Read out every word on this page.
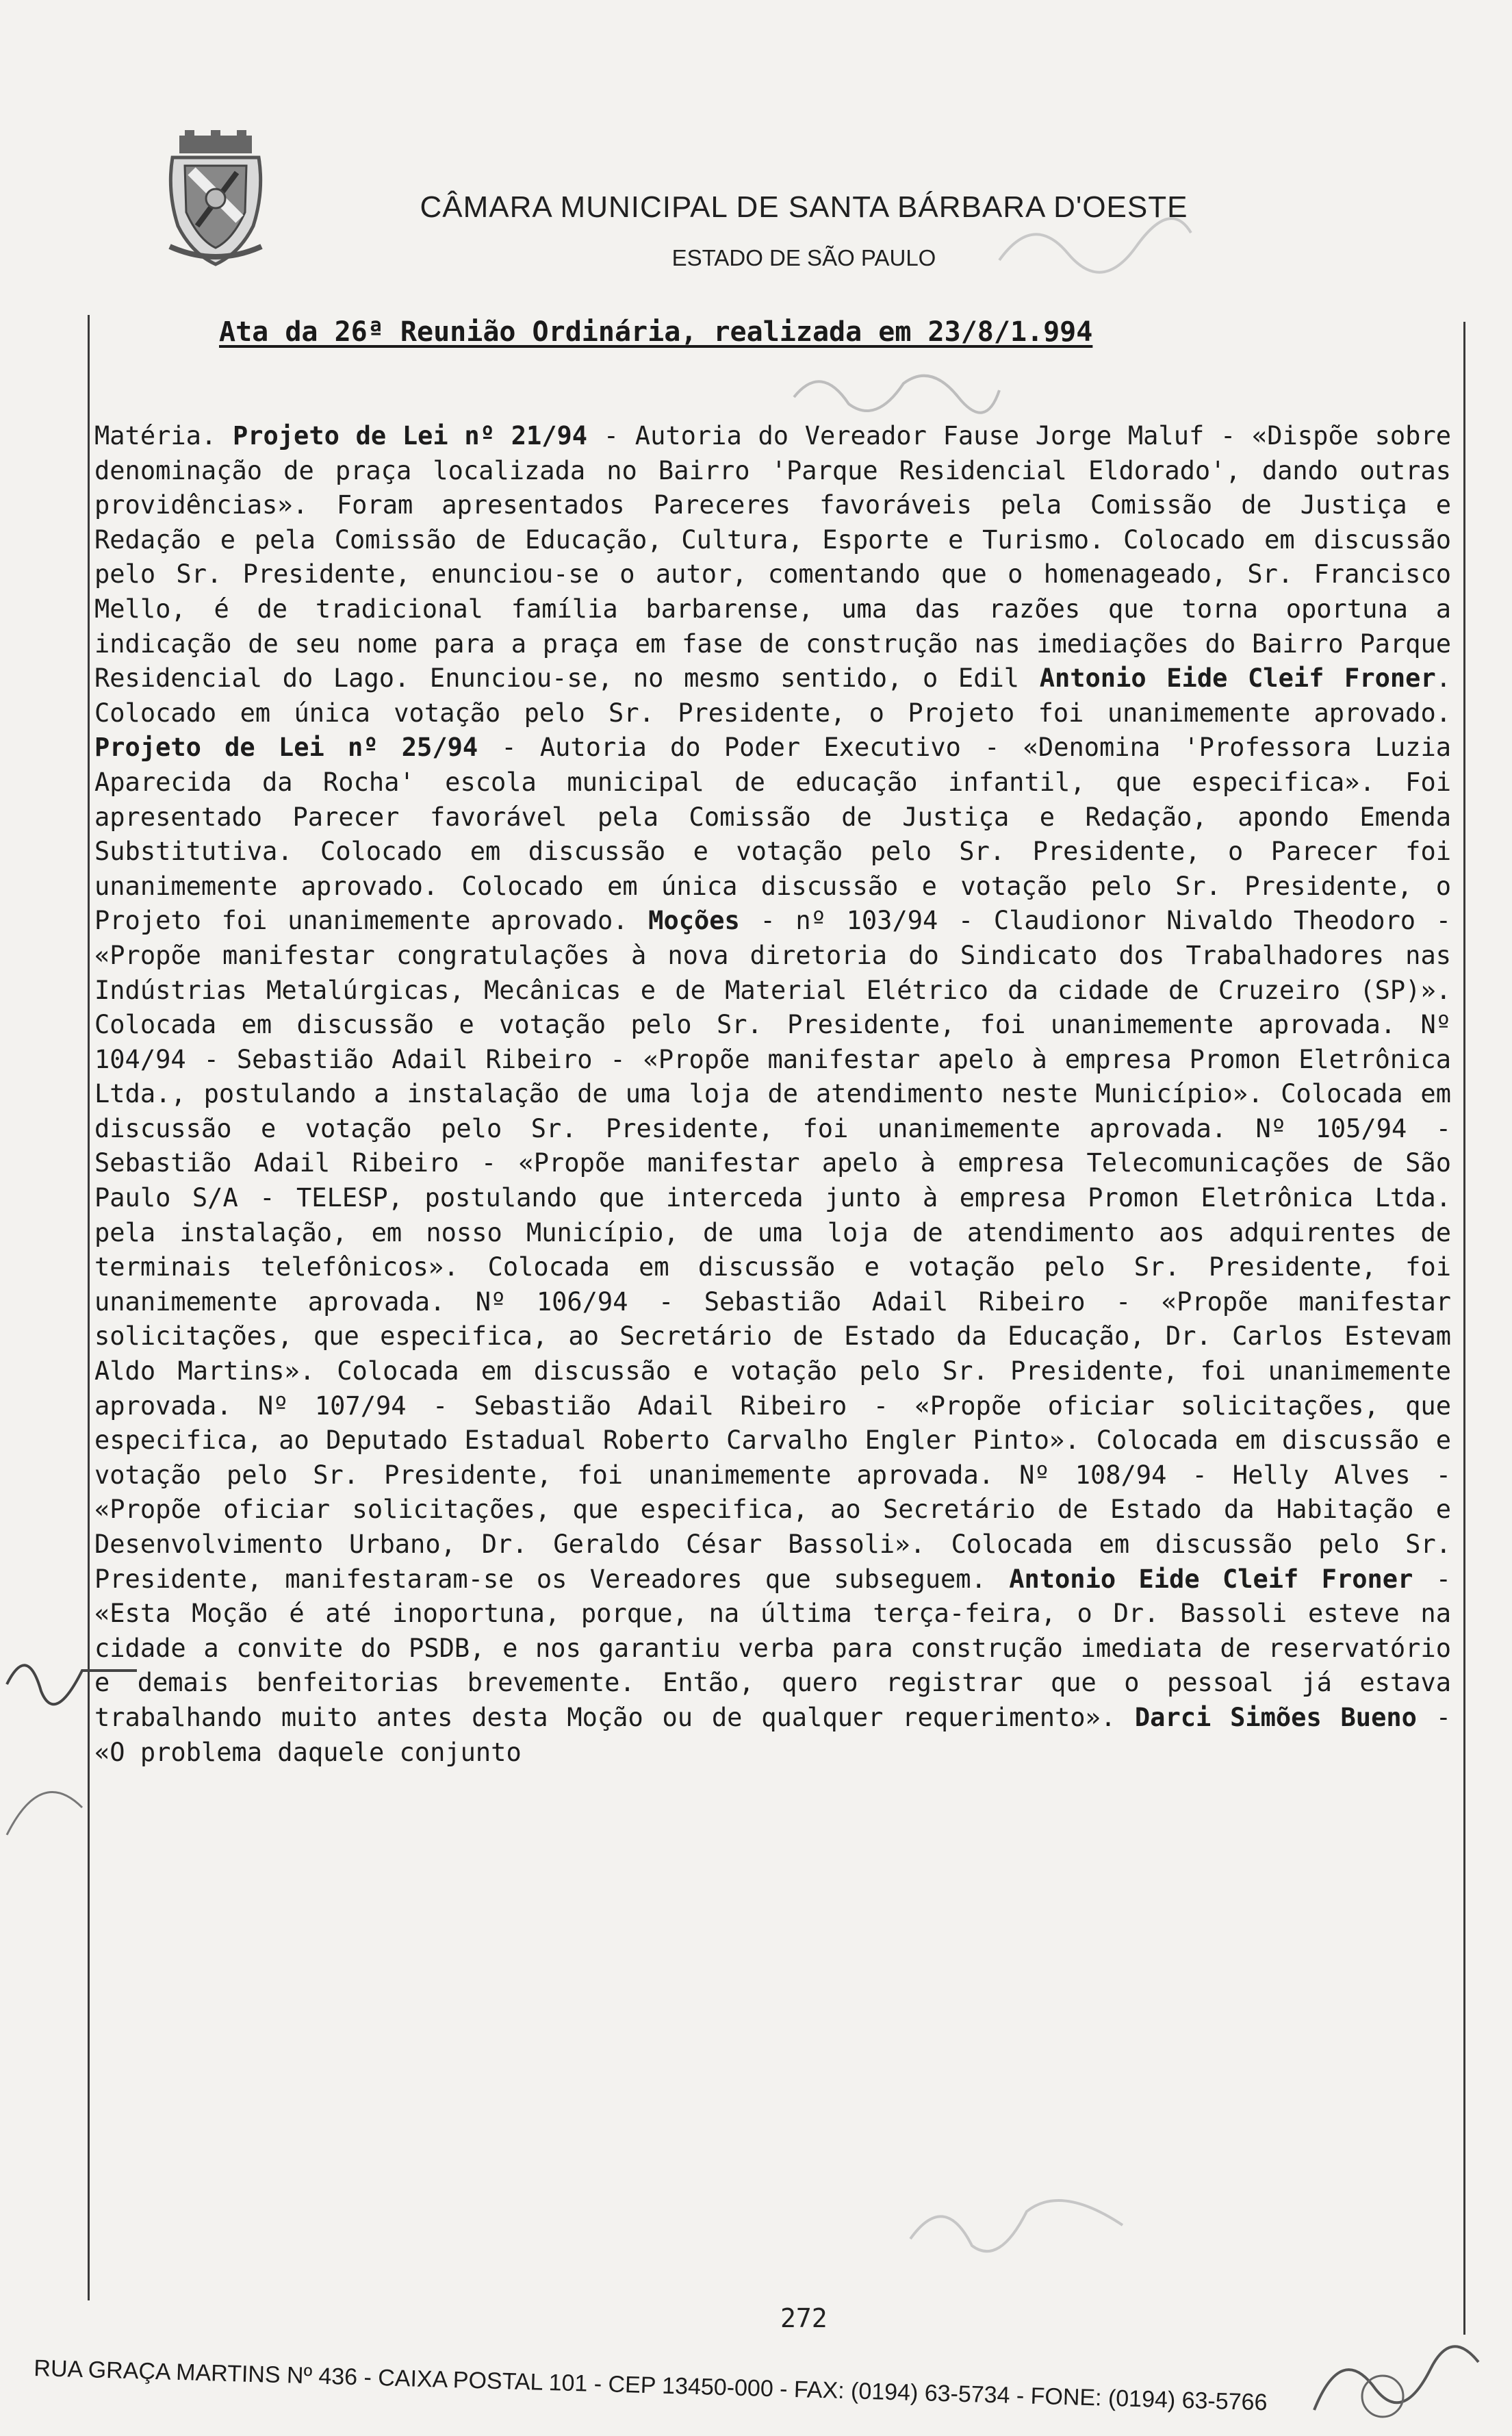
CÂMARA MUNICIPAL DE SANTA BÁRBARA D'OESTE
ESTADO DE SÃO PAULO
Ata da 26ª Reunião Ordinária, realizada em 23/8/1.994
Matéria. Projeto de Lei nº 21/94 - Autoria do Vereador Fause Jorge Maluf - «Dispõe sobre denominação de praça localizada no Bairro 'Parque Residencial Eldorado', dando outras providências». Foram apresentados Pareceres favoráveis pela Comissão de Justiça e Redação e pela Comissão de Educação, Cultura, Esporte e Turismo. Colocado em discussão pelo Sr. Presidente, enunciou-se o autor, comentando que o homenageado, Sr. Francisco Mello, é de tradicional família barbarense, uma das razões que torna oportuna a indicação de seu nome para a praça em fase de construção nas imediações do Bairro Parque Residencial do Lago. Enunciou-se, no mesmo sentido, o Edil Antonio Eide Cleif Froner. Colocado em única votação pelo Sr. Presidente, o Projeto foi unanimemente aprovado. Projeto de Lei nº 25/94 - Autoria do Poder Executivo - «Denomina 'Professora Luzia Aparecida da Rocha' escola municipal de educação infantil, que especifica». Foi apresentado Parecer favorável pela Comissão de Justiça e Redação, apondo Emenda Substitutiva. Colocado em discussão e votação pelo Sr. Presidente, o Parecer foi unanimemente aprovado. Colocado em única discussão e votação pelo Sr. Presidente, o Projeto foi unanimemente aprovado. Moções - nº 103/94 - Claudionor Nivaldo Theodoro - «Propõe manifestar congratulações à nova diretoria do Sindicato dos Trabalhadores nas Indústrias Metalúrgicas, Mecânicas e de Material Elétrico da cidade de Cruzeiro (SP)». Colocada em discussão e votação pelo Sr. Presidente, foi unanimemente aprovada. Nº 104/94 - Sebastião Adail Ribeiro - «Propõe manifestar apelo à empresa Promon Eletrônica Ltda., postulando a instalação de uma loja de atendimento neste Município». Colocada em discussão e votação pelo Sr. Presidente, foi unanimemente aprovada. Nº 105/94 - Sebastião Adail Ribeiro - «Propõe manifestar apelo à empresa Telecomunicações de São Paulo S/A - TELESP, postulando que interceda junto à empresa Promon Eletrônica Ltda. pela instalação, em nosso Município, de uma loja de atendimento aos adquirentes de terminais telefônicos». Colocada em discussão e votação pelo Sr. Presidente, foi unanimemente aprovada. Nº 106/94 - Sebastião Adail Ribeiro - «Propõe manifestar solicitações, que especifica, ao Secretário de Estado da Educação, Dr. Carlos Estevam Aldo Martins». Colocada em discussão e votação pelo Sr. Presidente, foi unanimemente aprovada. Nº 107/94 - Sebastião Adail Ribeiro - «Propõe oficiar solicitações, que especifica, ao Deputado Estadual Roberto Carvalho Engler Pinto». Colocada em discussão e votação pelo Sr. Presidente, foi unanimemente aprovada. Nº 108/94 - Helly Alves - «Propõe oficiar solicitações, que especifica, ao Secretário de Estado da Habitação e Desenvolvimento Urbano, Dr. Geraldo César Bassoli». Colocada em discussão pelo Sr. Presidente, manifestaram-se os Vereadores que subseguem. Antonio Eide Cleif Froner - «Esta Moção é até inoportuna, porque, na última terça-feira, o Dr. Bassoli esteve na cidade a convite do PSDB, e nos garantiu verba para construção imediata de reservatório e demais benfeitorias brevemente. Então, quero registrar que o pessoal já estava trabalhando muito antes desta Moção ou de qualquer requerimento». Darci Simões Bueno - «O problema daquele conjunto
272
RUA GRAÇA MARTINS Nº 436 - CAIXA POSTAL 101 - CEP 13450-000 - FAX: (0194) 63-5734 - FONE: (0194) 63-5766
